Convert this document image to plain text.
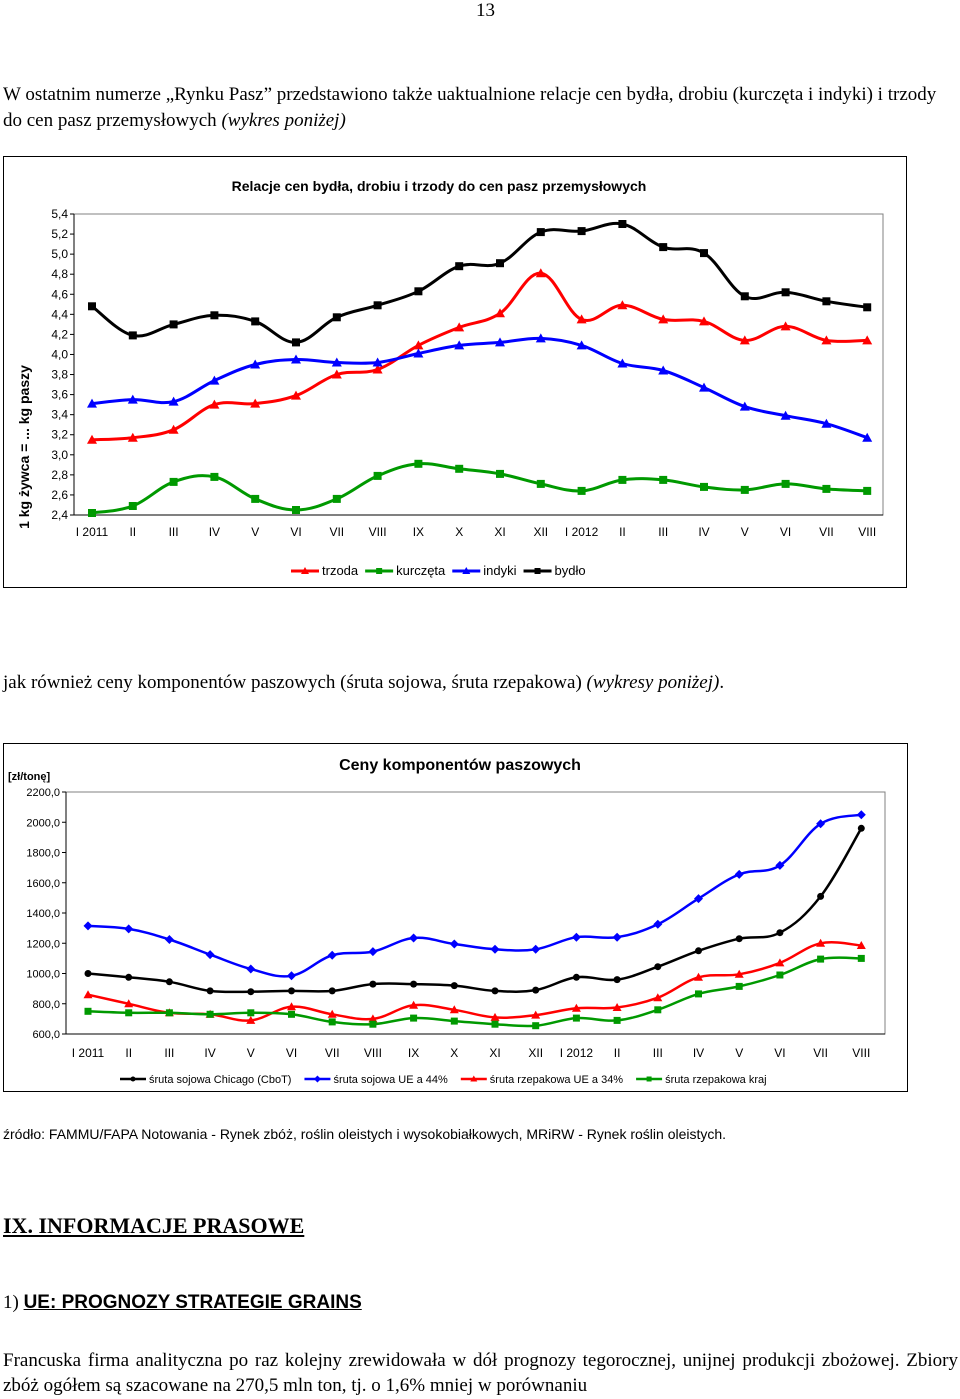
13

W ostatnim numerze „Rynku Pasz” przedstawiono także uaktualnione relacje cen bydła, drobiu (kurczęta i indyki) i trzody do cen pasz przemysłowych (wykres poniżej)

Relacje cen bydła, drobiu i trzody do cen pasz przemysłowych
1 kg żywca = ... kg paszy 2,4
2,6
2,8
3,0
3,2
3,4
3,6
3,8
4,0
4,2
4,4
4,6
4,8
5,0
5,2
5,4
I 2011 II	III	IV	V	VI VII VIII IX	X	XI XII I 2012 II	III	IV	V	VI VII VIII
trzoda	kurczęta	indyki	bydło

jak również ceny komponentów paszowych (śruta sojowa, śruta rzepakowa) (wykresy poniżej).

Ceny komponentów paszowych
[zł/tonę]
600,0
800,0
1000,0
1200,0
1400,0
1600,0
1800,0
2000,0
2200,0
I 2011 II	III	IV	V	VI VII VIII IX	X	XI XII I 2012 II	III	IV	V	VI VII VIII
śruta sojowa Chicago (CboT)	śruta sojowa UE a 44%	śruta rzepakowa UE a 34%	śruta rzepakowa kraj
źródło: FAMMU/FAPA Notowania - Rynek zbóż, roślin oleistych i wysokobiałkowych, MRiRW - Rynek roślin oleistych.
IX. INFORMACJE PRASOWE

1) UE: PROGNOZY STRATEGIE GRAINS

Francuska firma analityczna po raz kolejny zrewidowała w dół prognozy tegorocznej, unijnej produkcji zbożowej. Zbiory zbóż ogółem są szacowane na 270,5 mln ton, tj. o 1,6% mniej w porównaniu
